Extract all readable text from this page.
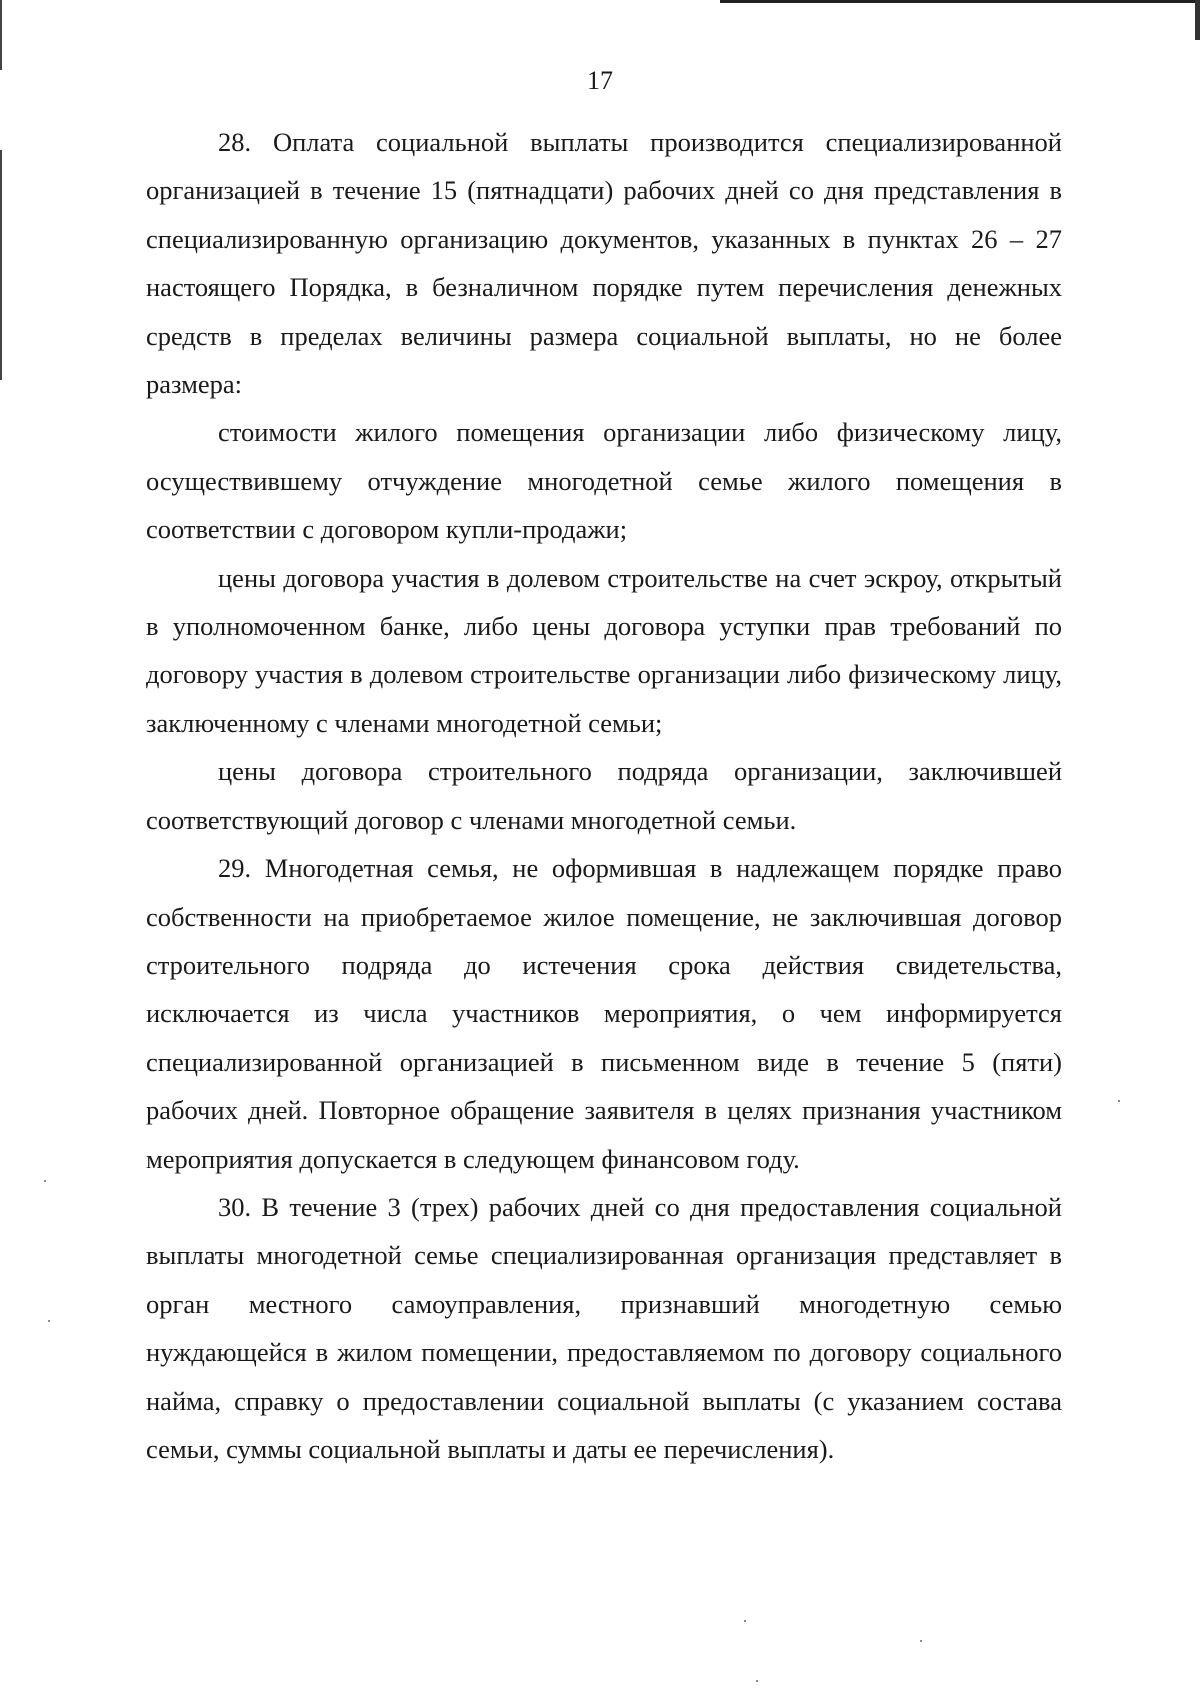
17

28. Оплата социальной выплаты производится специализированной организацией в течение 15 (пятнадцати) рабочих дней со дня представления в специализированную организацию документов, указанных в пунктах 26 – 27 настоящего Порядка, в безналичном порядке путем перечисления денежных средств в пределах величины размера социальной выплаты, но не более размера:

стоимости жилого помещения организации либо физическому лицу, осуществившему отчуждение многодетной семье жилого помещения в соответствии с договором купли-продажи;

цены договора участия в долевом строительстве на счет эскроу, открытый в уполномоченном банке, либо цены договора уступки прав требований по договору участия в долевом строительстве организации либо физическому лицу, заключенному с членами многодетной семьи;

цены договора строительного подряда организации, заключившей соответствующий договор с членами многодетной семьи.

29. Многодетная семья, не оформившая в надлежащем порядке право собственности на приобретаемое жилое помещение, не заключившая договор строительного подряда до истечения срока действия свидетельства, исключается из числа участников мероприятия, о чем информируется специализированной организацией в письменном виде в течение 5 (пяти) рабочих дней. Повторное обращение заявителя в целях признания участником мероприятия допускается в следующем финансовом году.

30. В течение 3 (трех) рабочих дней со дня предоставления социальной выплаты многодетной семье специализированная организация представляет в орган местного самоуправления, признавший многодетную семью нуждающейся в жилом помещении, предоставляемом по договору социального найма, справку о предоставлении социальной выплаты (с указанием состава семьи, суммы социальной выплаты и даты ее перечисления).
